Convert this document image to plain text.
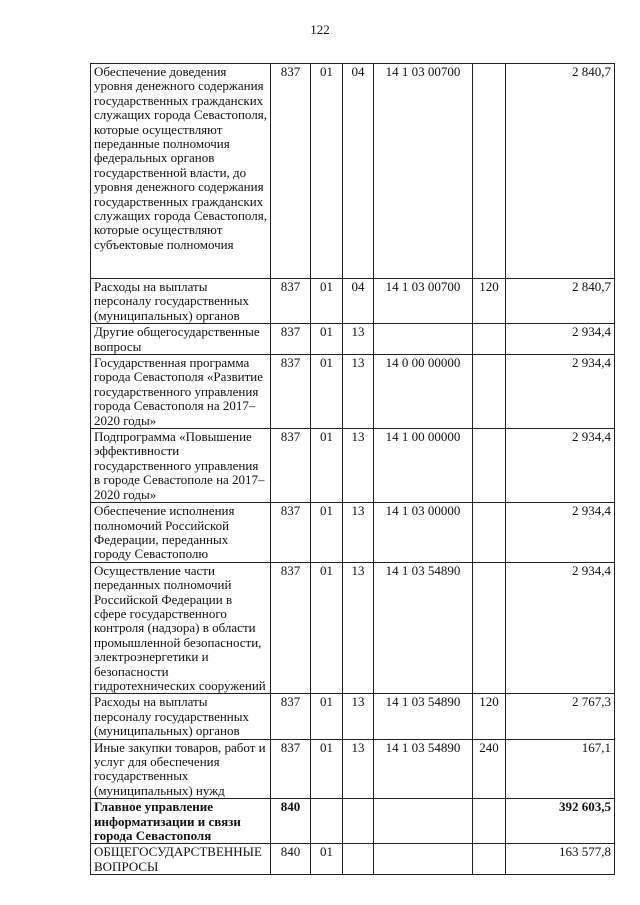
122
Обеспечение доведения уровня денежного содержания государственных гражданских служащих города Севастополя, которые осуществляют переданные полномочия федеральных органов государственной власти, до уровня денежного содержания государственных гражданских служащих города Севастополя, которые осуществляют субъектовые полномочия	837	01	04	14 1 03 00700		2 840,7
Расходы на выплаты персоналу государственных (муниципальных) органов	837	01	04	14 1 03 00700	120	2 840,7
Другие общегосударственные вопросы	837	01	13			2 934,4
Государственная программа города Севастополя «Развитие государственного управления города Севастополя на 2017–2020 годы»	837	01	13	14 0 00 00000		2 934,4
Подпрограмма «Повышение эффективности государственного управления в городе Севастополе на 2017–2020 годы»	837	01	13	14 1 00 00000		2 934,4
Обеспечение исполнения полномочий Российской Федерации, переданных городу Севастополю	837	01	13	14 1 03 00000		2 934,4
Осуществление части переданных полномочий Российской Федерации в сфере государственного контроля (надзора) в области промышленной безопасности, электроэнергетики и безопасности гидротехнических сооружений	837	01	13	14 1 03 54890		2 934,4
Расходы на выплаты персоналу государственных (муниципальных) органов	837	01	13	14 1 03 54890	120	2 767,3
Иные закупки товаров, работ и услуг для обеспечения государственных (муниципальных) нужд	837	01	13	14 1 03 54890	240	167,1
Главное управление информатизации и связи города Севастополя	840					392 603,5
ОБЩЕГОСУДАРСТВЕННЫЕ ВОПРОСЫ	840	01				163 577,8
